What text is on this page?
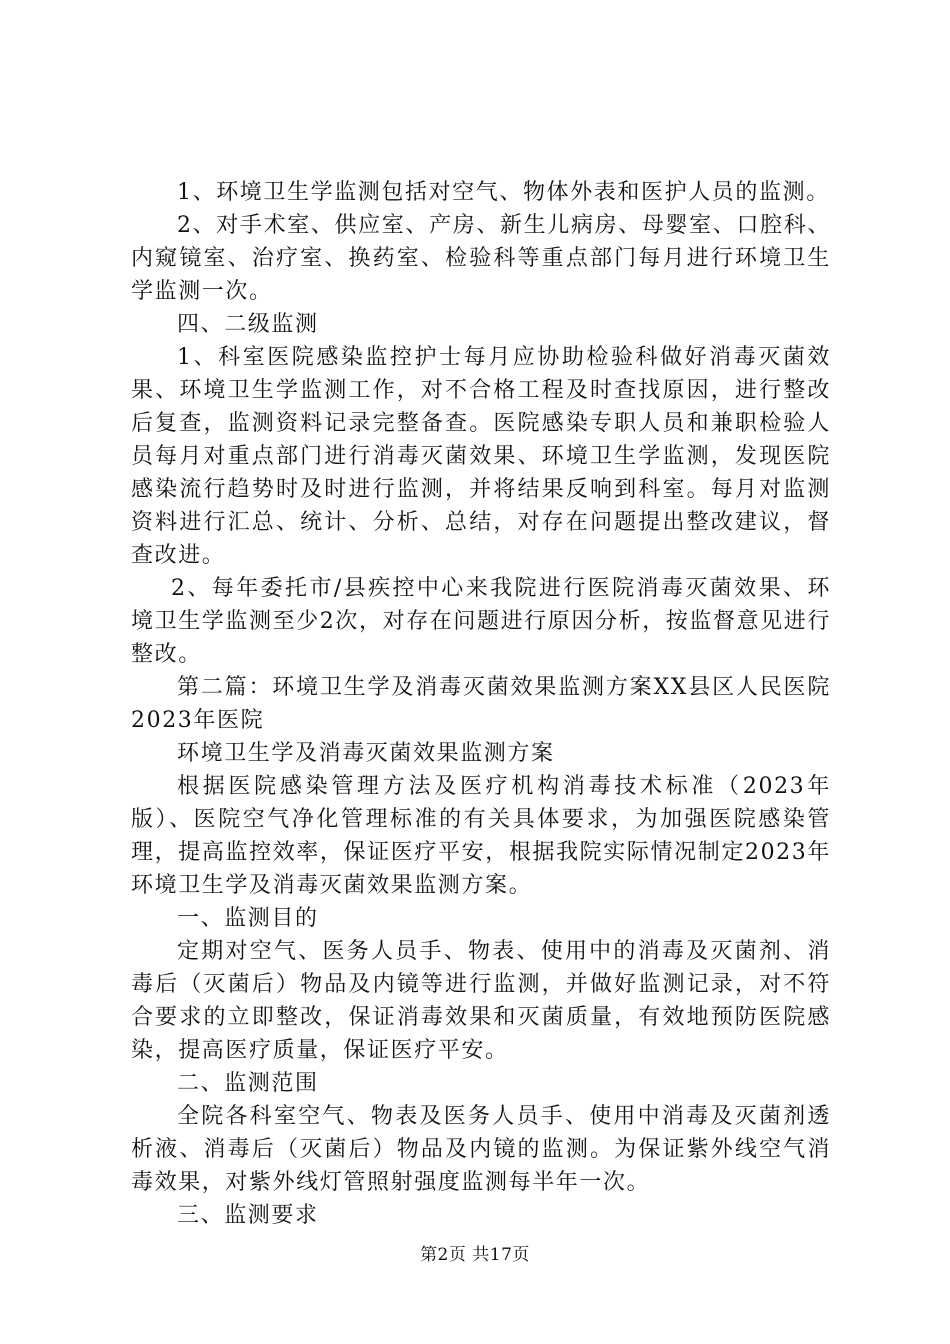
1、环境卫生学监测包括对空气、物体外表和医护人员的监测。

2、对手术室、供应室、产房、新生儿病房、母婴室、口腔科、内窥镜室、治疗室、换药室、检验科等重点部门每月进行环境卫生学监测一次。

四、二级监测

1、科室医院感染监控护士每月应协助检验科做好消毒灭菌效果、环境卫生学监测工作，对不合格工程及时查找原因，进行整改后复查，监测资料记录完整备查。医院感染专职人员和兼职检验人员每月对重点部门进行消毒灭菌效果、环境卫生学监测，发现医院感染流行趋势时及时进行监测，并将结果反响到科室。每月对监测资料进行汇总、统计、分析、总结，对存在问题提出整改建议，督查改进。

2、每年委托市/县疾控中心来我院进行医院消毒灭菌效果、环境卫生学监测至少2次，对存在问题进行原因分析，按监督意见进行整改。

第二篇：环境卫生学及消毒灭菌效果监测方案XX县区人民医院2023年医院

环境卫生学及消毒灭菌效果监测方案

根据医院感染管理方法及医疗机构消毒技术标准（2023年版）、医院空气净化管理标准的有关具体要求，为加强医院感染管理，提高监控效率，保证医疗平安，根据我院实际情况制定2023年环境卫生学及消毒灭菌效果监测方案。

一、监测目的

定期对空气、医务人员手、物表、使用中的消毒及灭菌剂、消毒后（灭菌后）物品及内镜等进行监测，并做好监测记录，对不符合要求的立即整改，保证消毒效果和灭菌质量，有效地预防医院感染，提高医疗质量，保证医疗平安。

二、监测范围

全院各科室空气、物表及医务人员手、使用中消毒及灭菌剂透析液、消毒后（灭菌后）物品及内镜的监测。为保证紫外线空气消毒效果，对紫外线灯管照射强度监测每半年一次。

三、监测要求

第2页 共17页
